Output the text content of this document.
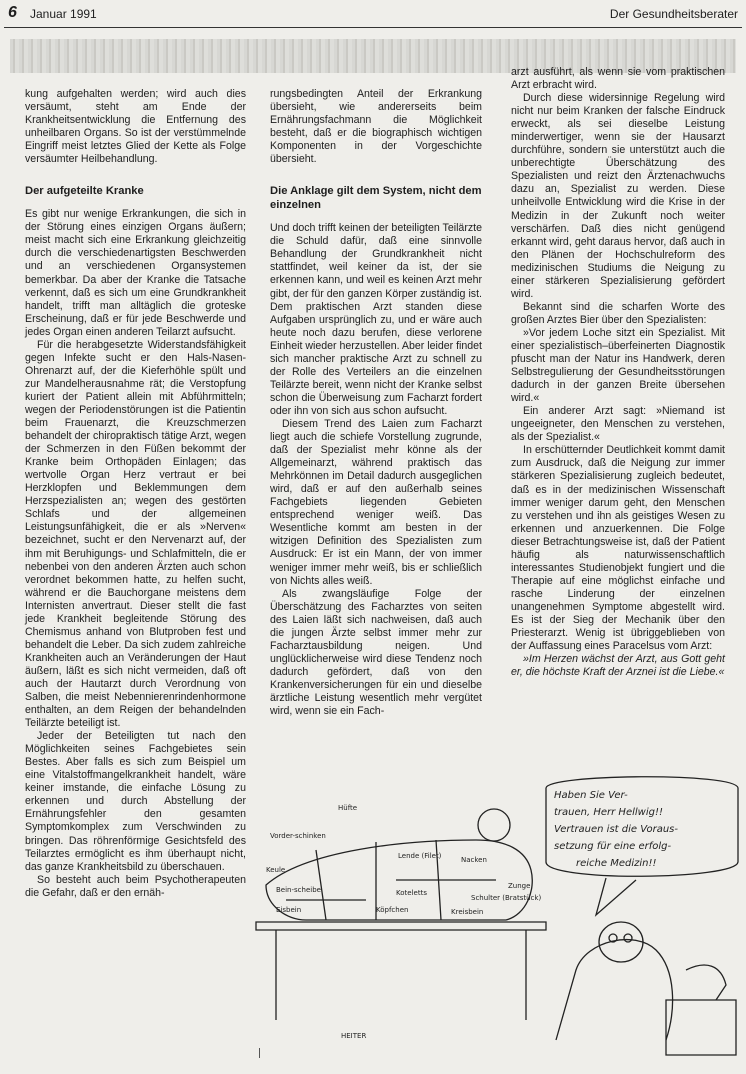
6 Januar 1991	Der Gesundheitsberater

kung aufgehalten werden; wird auch dies versäumt, steht am Ende der Krankheitsentwicklung die Entfernung des unheilbaren Organs. So ist der verstümmelnde Eingriff meist letztes Glied der Kette als Folge versäumter Heilbehandlung.

Der aufgeteilte Kranke

Es gibt nur wenige Erkrankungen, die sich in der Störung eines einzigen Organs äußern; meist macht sich eine Erkrankung gleichzeitig durch die verschiedenartigsten Beschwerden und an verschiedenen Organsystemen bemerkbar. Da aber der Kranke die Tatsache verkennt, daß es sich um eine Grundkrankheit handelt, trifft man alltäglich die groteske Erscheinung, daß er für jede Beschwerde und jedes Organ einen anderen Teilarzt aufsucht.

Für die herabgesetzte Widerstandsfähigkeit gegen Infekte sucht er den Hals-Nasen-Ohrenarzt auf, der die Kieferhöhle spült und zur Mandelherausnahme rät; die Verstopfung kuriert der Patient allein mit Abführmitteln; wegen der Periodenstörungen ist die Patientin beim Frauenarzt, die Kreuzschmerzen behandelt der chiropraktisch tätige Arzt, wegen der Schmerzen in den Füßen bekommt der Kranke beim Orthopäden Einlagen; das wertvolle Organ Herz vertraut er bei Herzklopfen und Beklemmungen dem Herzspezialisten an; wegen des gestörten Schlafs und der allgemeinen Leistungsunfähigkeit, die er als »Nerven« bezeichnet, sucht er den Nervenarzt auf, der ihm mit Beruhigungs- und Schlafmitteln, die er nebenbei von den anderen Ärzten auch schon verordnet bekommen hatte, zu helfen sucht, während er die Bauchorgane meistens dem Internisten anvertraut. Dieser stellt die fast jede Krankheit begleitende Störung des Chemismus anhand von Blutproben fest und behandelt die Leber. Da sich zudem zahlreiche Krankheiten auch an Veränderungen der Haut äußern, läßt es sich nicht vermeiden, daß oft auch der Hautarzt durch Verordnung von Salben, die meist Nebennierenrindenhormone enthalten, an dem Reigen der behandelnden Teilärzte beteiligt ist.

Jeder der Beteiligten tut nach den Möglichkeiten seines Fachgebietes sein Bestes. Aber falls es sich zum Beispiel um eine Vitalstoffmangelkrankheit handelt, wäre keiner imstande, die einfache Lösung zu erkennen und durch Abstellung der Ernährungsfehler den gesamten Symptomkomplex zum Verschwinden zu bringen. Das röhrenförmige Gesichtsfeld des Teilarztes ermöglicht es ihm überhaupt nicht, das ganze Krankheitsbild zu überschauen.

So besteht auch beim Psychotherapeuten die Gefahr, daß er den ernäh-

rungsbedingten Anteil der Erkrankung übersieht, wie andererseits beim Ernährungsfachmann die Möglichkeit besteht, daß er die biographisch wichtigen Komponenten in der Vorgeschichte übersieht.

Die Anklage gilt dem System, nicht dem einzelnen

Und doch trifft keinen der beteiligten Teilärzte die Schuld dafür, daß eine sinnvolle Behandlung der Grundkrankheit nicht stattfindet, weil keiner da ist, der sie erkennen kann, und weil es keinen Arzt mehr gibt, der für den ganzen Körper zuständig ist. Dem praktischen Arzt standen diese Aufgaben ursprünglich zu, und er wäre auch heute noch dazu berufen, diese verlorene Einheit wieder herzustellen. Aber leider findet sich mancher praktische Arzt zu schnell zu der Rolle des Verteilers an die einzelnen Teilärzte bereit, wenn nicht der Kranke selbst schon die Überweisung zum Facharzt fordert oder ihn von sich aus schon aufsucht.

Diesem Trend des Laien zum Facharzt liegt auch die schiefe Vorstellung zugrunde, daß der Spezialist mehr könne als der Allgemeinarzt, während praktisch das Mehrkönnen im Detail dadurch ausgeglichen wird, daß er auf den außerhalb seines Fachgebiets liegenden Gebieten entsprechend weniger weiß. Das Wesentliche kommt am besten in der witzigen Definition des Spezialisten zum Ausdruck: Er ist ein Mann, der von immer weniger immer mehr weiß, bis er schließlich von Nichts alles weiß.

Als zwangsläufige Folge der Überschätzung des Facharztes von seiten des Laien läßt sich nachweisen, daß auch die jungen Ärzte selbst immer mehr zur Facharztausbildung neigen. Und unglücklicherweise wird diese Tendenz noch dadurch gefördert, daß von den Krankenversicherungen für ein und dieselbe ärztliche Leistung wesentlich mehr vergütet wird, wenn sie ein Fach-

arzt ausführt, als wenn sie vom praktischen Arzt erbracht wird.

Durch diese widersinnige Regelung wird nicht nur beim Kranken der falsche Eindruck erweckt, als sei dieselbe Leistung minderwertiger, wenn sie der Hausarzt durchführe, sondern sie unterstützt auch die unberechtigte Überschätzung des Spezialisten und reizt den Ärztenachwuchs dazu an, Spezialist zu werden. Diese unheilvolle Entwicklung wird die Krise in der Medizin in der Zukunft noch weiter verschärfen. Daß dies nicht genügend erkannt wird, geht daraus hervor, daß auch in den Plänen der Hochschulreform des medizinischen Studiums die Neigung zu einer stärkeren Spezialisierung gefördert wird.

Bekannt sind die scharfen Worte des großen Arztes Bier über den Spezialisten:

»Vor jedem Loche sitzt ein Spezialist. Mit einer spezialistisch–überfeinerten Diagnostik pfuscht man der Natur ins Handwerk, deren Selbstregulierung der Gesundheitsstörungen dadurch in der ganzen Breite übersehen wird.«

Ein anderer Arzt sagt: »Niemand ist ungeeigneter, den Menschen zu verstehen, als der Spezialist.«

In erschütternder Deutlichkeit kommt damit zum Ausdruck, daß die Neigung zur immer stärkeren Spezialisierung zugleich bedeutet, daß es in der medizinischen Wissenschaft immer weniger darum geht, den Menschen zu verstehen und ihn als geistiges Wesen zu erkennen und anzuerkennen. Die Folge dieser Betrachtungsweise ist, daß der Patient häufig als naturwissenschaftlich interessantes Studienobjekt fungiert und die Therapie auf eine möglichst einfache und rasche Linderung der einzelnen unangenehmen Symptome abgestellt wird. Es ist der Sieg der Mechanik über den Priesterarzt. Wenig ist übriggeblieben von der Auffassung eines Paracelsus vom Arzt:

»Im Herzen wächst der Arzt, aus Gott geht er, die höchste Kraft der Arznei ist die Liebe.«

Haben Sie Ver-
trauen, Herr Hellwig!!
Vertrauen ist die Voraus-
setzung für eine erfolg-
reiche Medizin!!
Vorder-schinken
Hüfte
Lende (Filet)	Nacken
Keule
Bein-scheibe
Eisbein
Zunge
Schulter (Bratstück)
Kreisbein
Köpfchen
Koteletts
HEITER
